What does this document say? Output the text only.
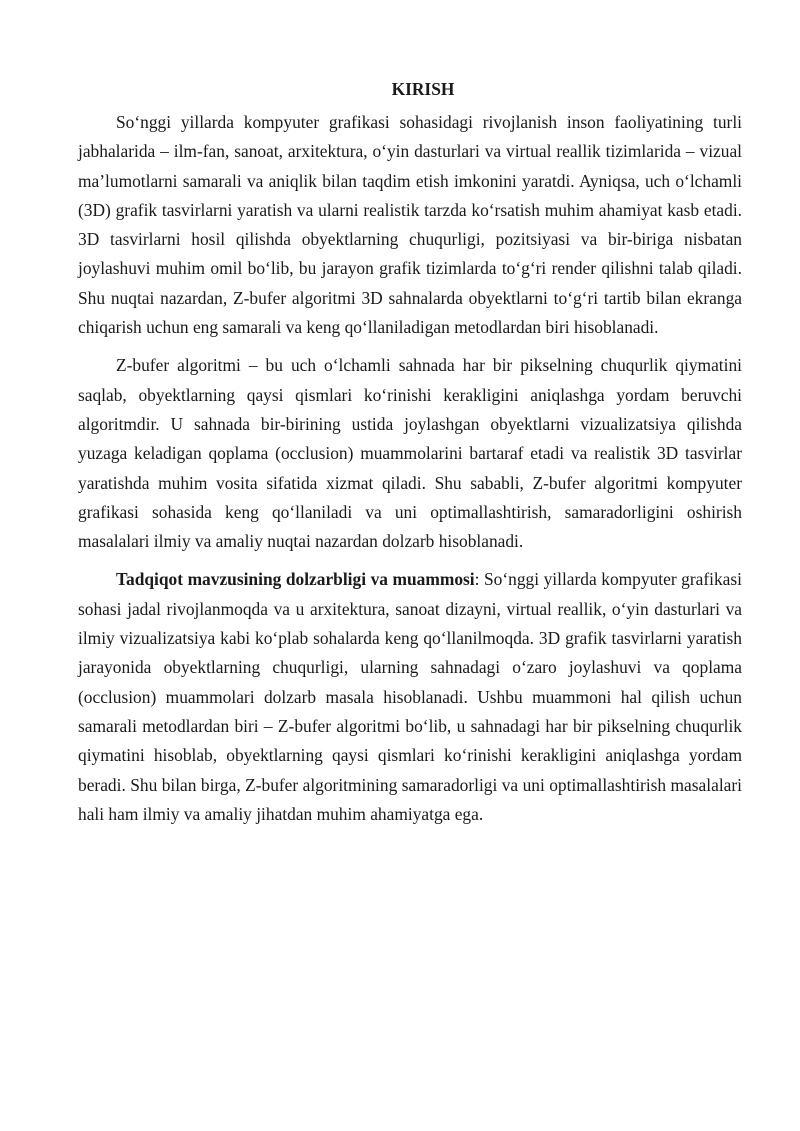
KIRISH

So‘nggi yillarda kompyuter grafikasi sohasidagi rivojlanish inson faoliyatining turli jabhalarida – ilm-fan, sanoat, arxitektura, o‘yin dasturlari va virtual reallik tizimlarida – vizual ma’lumotlarni samarali va aniqlik bilan taqdim etish imkonini yaratdi. Ayniqsa, uch o‘lchamli (3D) grafik tasvirlarni yaratish va ularni realistik tarzda ko‘rsatish muhim ahamiyat kasb etadi. 3D tasvirlarni hosil qilishda obyektlarning chuqurligi, pozitsiyasi va bir-biriga nisbatan joylashuvi muhim omil bo‘lib, bu jarayon grafik tizimlarda to‘g‘ri render qilishni talab qiladi. Shu nuqtai nazardan, Z-bufer algoritmi 3D sahnalarda obyektlarni to‘g‘ri tartib bilan ekranga chiqarish uchun eng samarali va keng qo‘llaniladigan metodlardan biri hisoblanadi.

Z-bufer algoritmi – bu uch o‘lchamli sahnada har bir pikselning chuqurlik qiymatini saqlab, obyektlarning qaysi qismlari ko‘rinishi kerakligini aniqlashga yordam beruvchi algoritmdir. U sahnada bir-birining ustida joylashgan obyektlarni vizualizatsiya qilishda yuzaga keladigan qoplama (occlusion) muammolarini bartaraf etadi va realistik 3D tasvirlar yaratishda muhim vosita sifatida xizmat qiladi. Shu sababli, Z-bufer algoritmi kompyuter grafikasi sohasida keng qo‘llaniladi va uni optimallashtirish, samaradorligini oshirish masalalari ilmiy va amaliy nuqtai nazardan dolzarb hisoblanadi.

Tadqiqot mavzusining dolzarbligi va muammosi: So‘nggi yillarda kompyuter grafikasi sohasi jadal rivojlanmoqda va u arxitektura, sanoat dizayni, virtual reallik, o‘yin dasturlari va ilmiy vizualizatsiya kabi ko‘plab sohalarda keng qo‘llanilmoqda. 3D grafik tasvirlarni yaratish jarayonida obyektlarning chuqurligi, ularning sahnadagi o‘zaro joylashuvi va qoplama (occlusion) muammolari dolzarb masala hisoblanadi. Ushbu muammoni hal qilish uchun samarali metodlardan biri – Z-bufer algoritmi bo‘lib, u sahnadagi har bir pikselning chuqurlik qiymatini hisoblab, obyektlarning qaysi qismlari ko‘rinishi kerakligini aniqlashga yordam beradi. Shu bilan birga, Z-bufer algoritmining samaradorligi va uni optimallashtirish masalalari hali ham ilmiy va amaliy jihatdan muhim ahamiyatga ega.
